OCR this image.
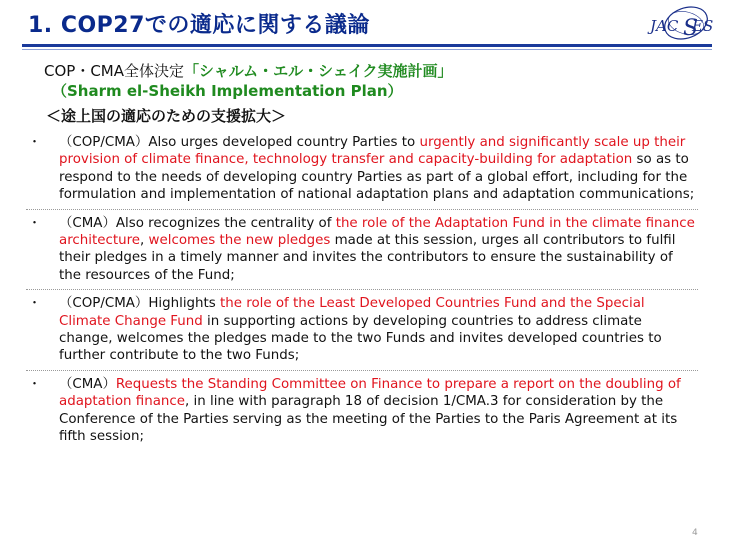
1. COP27での適応に関する議論	JAC ES
S
COP・CMA全体決定「シャルム・エル・シェイク実施計画」
（Sharm el-Sheikh Implementation Plan）
＜途上国の適応のための支援拡大＞
・ （COP/CMA）Also urges developed country Parties to urgently and significantly scale up their provision of climate finance, technology transfer and capacity-building for adaptation so as to respond to the needs of developing country Parties as part of a global effort, including for the formulation and implementation of national adaptation plans and adaptation communications;
・ （CMA）Also recognizes the centrality of the role of the Adaptation Fund in the climate finance architecture, welcomes the new pledges made at this session, urges all contributors to fulfil their pledges in a timely manner and invites the contributors to ensure the sustainability of the resources of the Fund;
・ （COP/CMA）Highlights the role of the Least Developed Countries Fund and the Special Climate Change Fund in supporting actions by developing countries to address climate change, welcomes the pledges made to the two Funds and invites developed countries to further contribute to the two Funds;
・ （CMA）Requests the Standing Committee on Finance to prepare a report on the doubling of adaptation finance, in line with paragraph 18 of decision 1/CMA.3 for consideration by the Conference of the Parties serving as the meeting of the Parties to the Paris Agreement at its fifth session;
4
